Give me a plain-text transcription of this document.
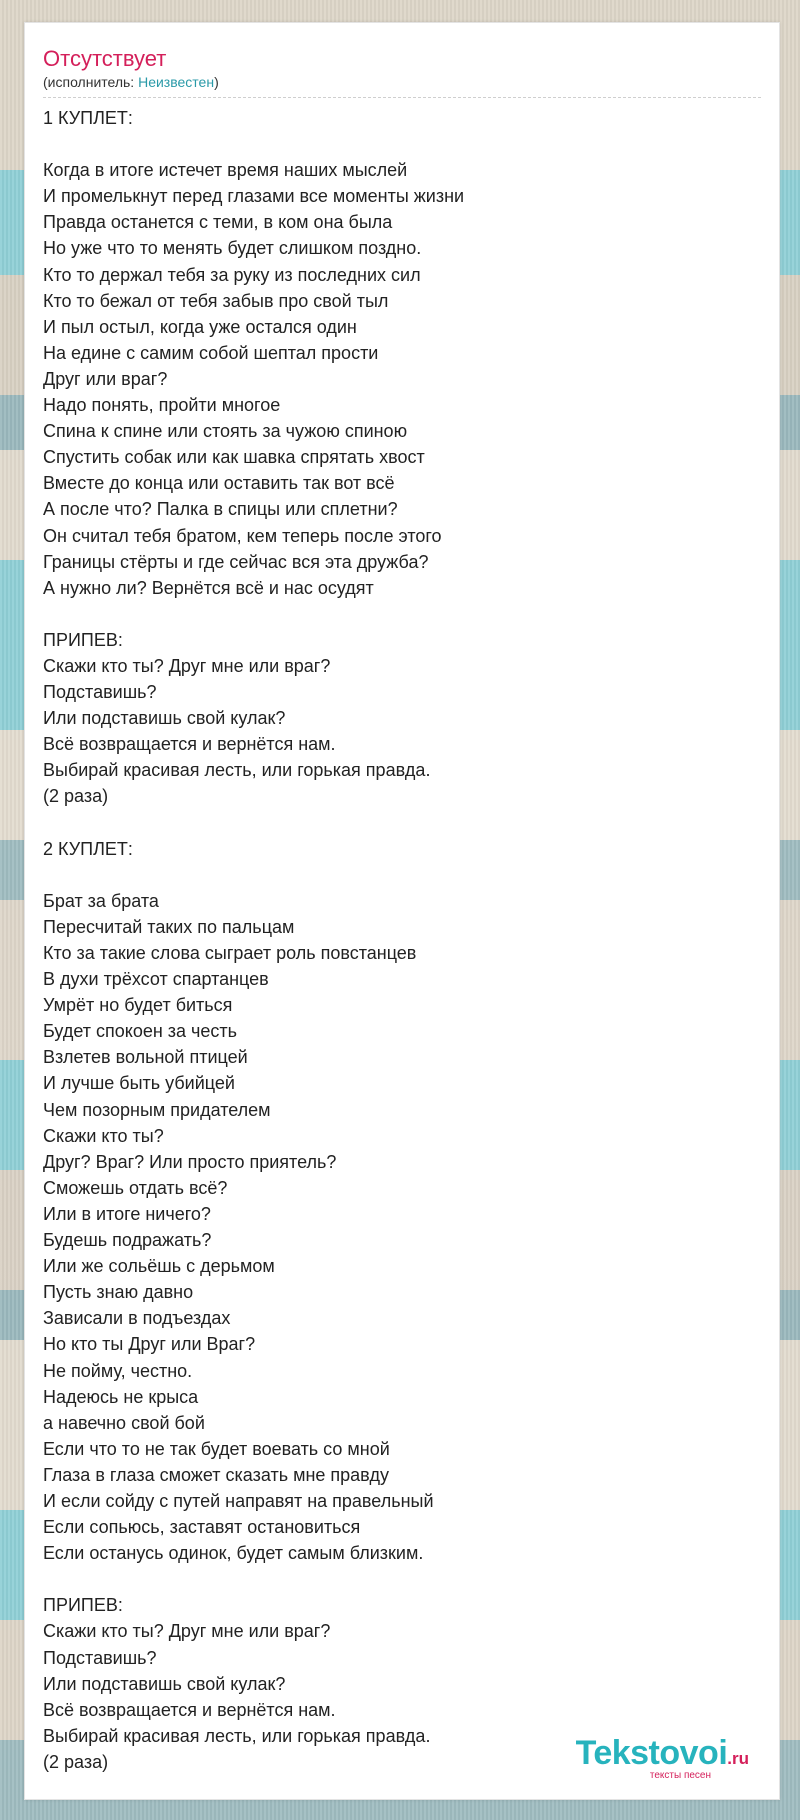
Отсутствует
(исполнитель: Неизвестен)
1 КУПЛЕТ:
Когда в итоге истечет время наших мыслей
И промелькнут перед глазами все моменты жизни
Правда останется с теми, в ком она была
Но уже что то менять будет слишком поздно.
Кто то держал тебя за руку из последних сил
Кто то бежал от тебя забыв про свой тыл
И пыл остыл, когда уже остался один
На едине с самим собой шептал прости
Друг или враг?
Надо понять, пройти многое
Спина к спине или стоять за чужою спиною
Спустить собак или как шавка спрятать хвост
Вместе до конца или оставить так вот всё
А после что? Палка в спицы или сплетни?
Он считал тебя братом, кем теперь после этого
Границы стёрты и где сейчас вся эта дружба?
А нужно ли? Вернётся всё и нас осудят
ПРИПЕВ:
Скажи кто ты? Друг мне или враг?
Подставишь?
Или подставишь свой кулак?
Всё возвращается и вернётся нам.
Выбирай красивая лесть, или горькая правда.
(2 раза)
2 КУПЛЕТ:
Брат за брата
Пересчитай таких по пальцам
Кто за такие слова сыграет роль повстанцев
В духи трёхсот спартанцев
Умрёт но будет биться
Будет спокоен за честь
Взлетев вольной птицей
И лучше быть убийцей
Чем позорным придателем
Скажи кто ты?
Друг? Враг? Или просто приятель?
Сможешь отдать всё?
Или в итоге ничего?
Будешь подражать?
Или же сольёшь с дерьмом
Пусть знаю давно
Зависали в подъездах
Но кто ты Друг или Враг?
Не пойму, честно.
Надеюсь не крыса
а навечно свой бой
Если что то не так будет воевать со мной
Глаза в глаза сможет сказать мне правду
И если сойду с путей направят на правельный
Если сопьюсь, заставят остановиться
Если останусь одинок, будет самым близким.
ПРИПЕВ:
Скажи кто ты? Друг мне или враг?
Подставишь?
Или подставишь свой кулак?
Всё возвращается и вернётся нам.
Выбирай красивая лесть, или горькая правда.
(2 раза)	Tekstovoi.ru
тексты песен
